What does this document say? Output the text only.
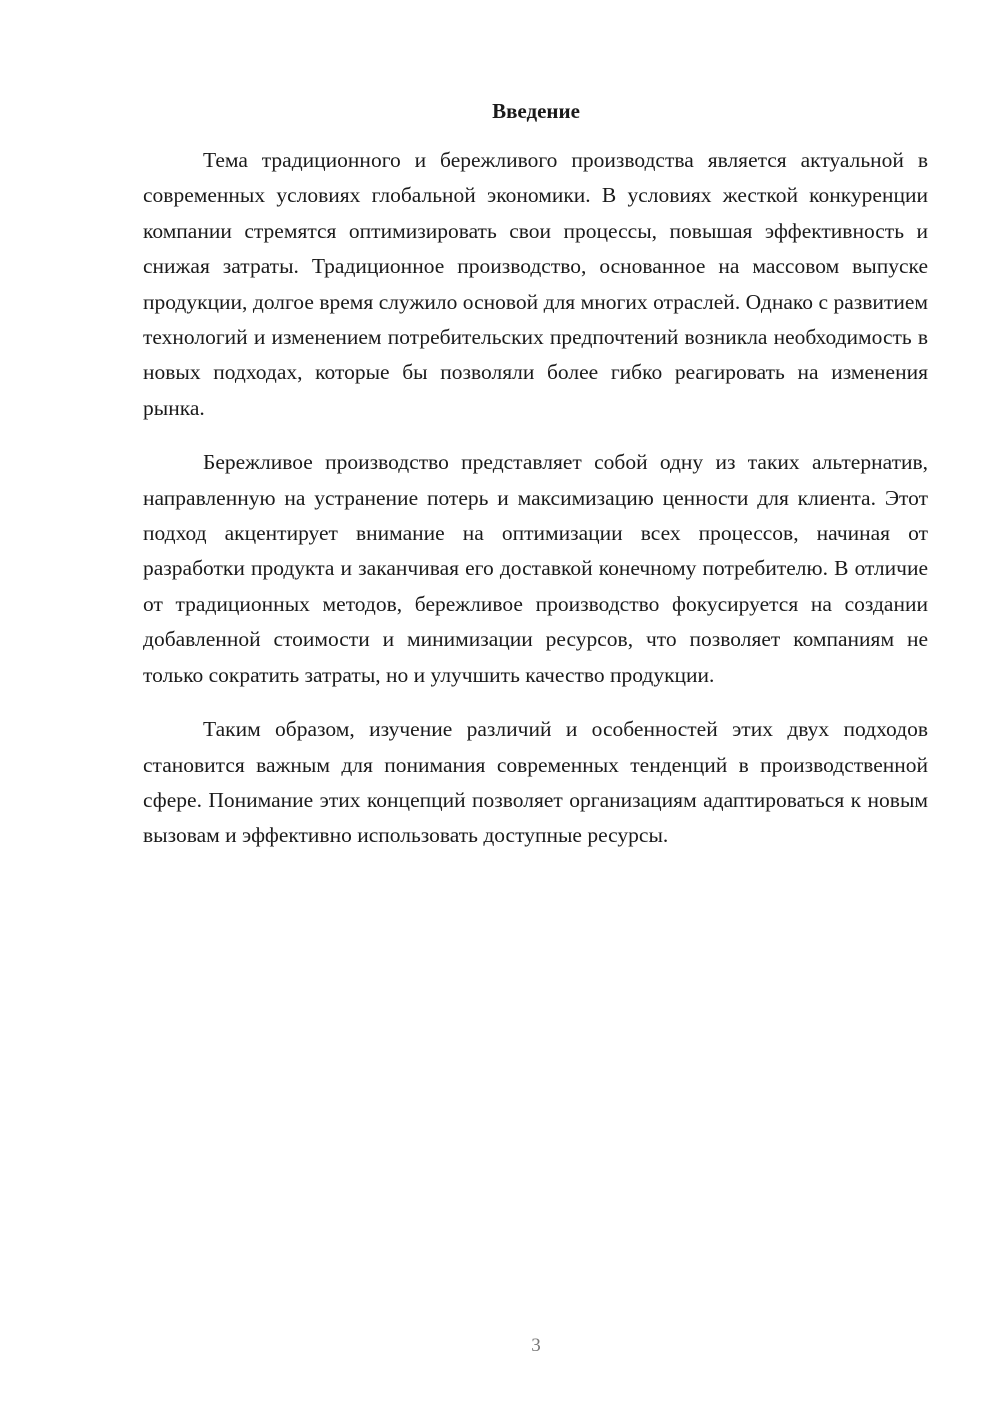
Введение

Тема традиционного и бережливого производства является актуальной в современных условиях глобальной экономики. В условиях жесткой конкуренции компании стремятся оптимизировать свои процессы, повышая эффективность и снижая затраты. Традиционное производство, основанное на массовом выпуске продукции, долгое время служило основой для многих отраслей. Однако с развитием технологий и изменением потребительских предпочтений возникла необходимость в новых подходах, которые бы позволяли более гибко реагировать на изменения рынка.

Бережливое производство представляет собой одну из таких альтернатив, направленную на устранение потерь и максимизацию ценности для клиента. Этот подход акцентирует внимание на оптимизации всех процессов, начиная от разработки продукта и заканчивая его доставкой конечному потребителю. В отличие от традиционных методов, бережливое производство фокусируется на создании добавленной стоимости и минимизации ресурсов, что позволяет компаниям не только сократить затраты, но и улучшить качество продукции.

Таким образом, изучение различий и особенностей этих двух подходов становится важным для понимания современных тенденций в производственной сфере. Понимание этих концепций позволяет организациям адаптироваться к новым вызовам и эффективно использовать доступные ресурсы.

3
